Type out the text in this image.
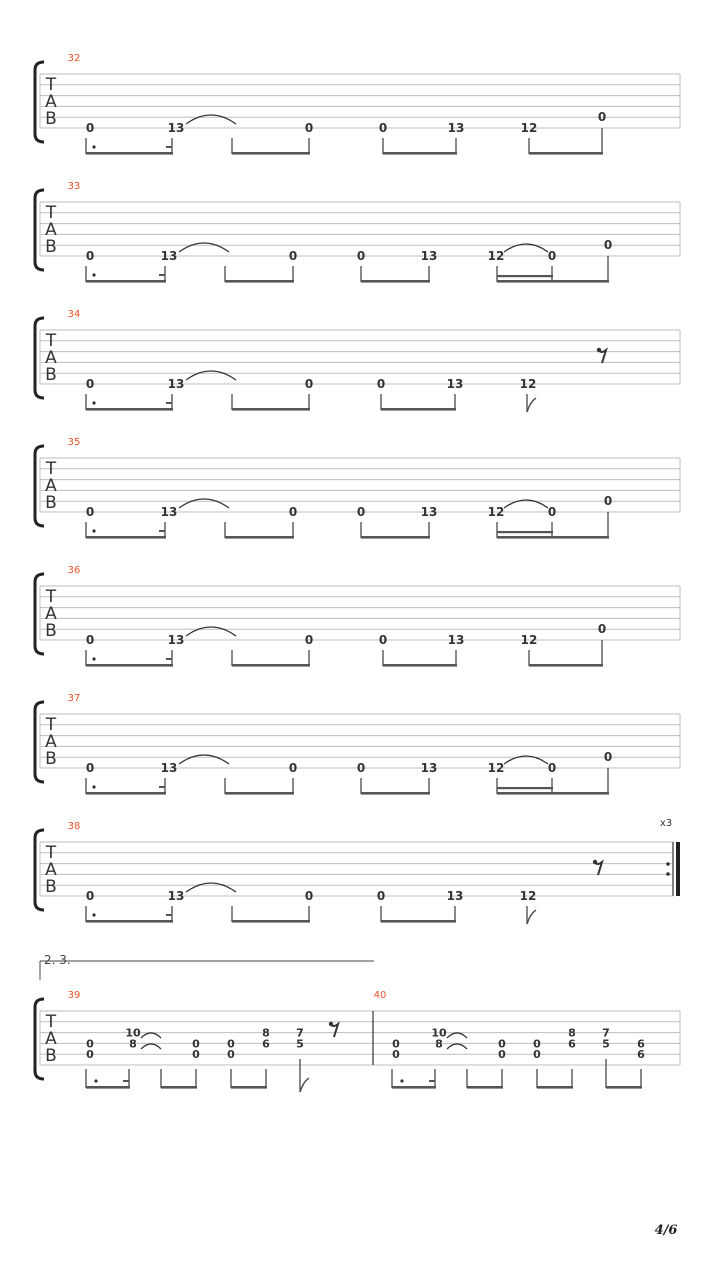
T
A
B
32
0	13	0	0	13	12
0
T
A
B
33
0	13	0	0	13	12	0
0
T
A
B
34
0	13	0	0	13	12
T
A
B
35
0	13	0	0	13	12	0
0
T
A
B
36
0	13	0	0	13	12
0
T
A
B
37
0	13	0	0	13	12	0
0
T
A
B
38
0	13	0	0	13	12
x3
2. 3.
T
A
B
39
0
0
10
8	0
0
0
0
8
6
7
5
40
0
0
10
8	0
0
0
0
8
6
7
5 6
6
4/6
